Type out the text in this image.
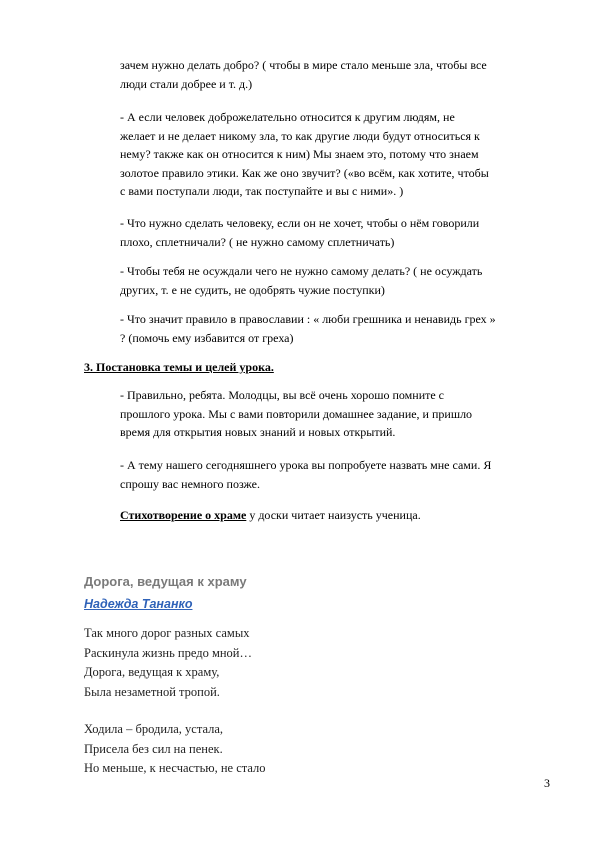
зачем нужно делать добро? ( чтобы в мире стало меньше зла, чтобы все
люди стали добрее и т. д.)
- А если человек доброжелательно относится к другим людям, не
желает и не делает никому зла, то как другие люди будут относиться к
нему? также как он относится к ним) Мы знаем это, потому что знаем
золотое правило этики. Как же оно звучит? («во всём, как хотите, чтобы
с вами поступали люди, так поступайте и вы с ними». )
- Что нужно сделать человеку, если он не хочет, чтобы о нём говорили
плохо, сплетничали? ( не нужно самому сплетничать)
- Чтобы тебя не осуждали чего не нужно самому делать? ( не осуждать
других, т. е не судить, не одобрять чужие поступки)
- Что значит правило в православии : « люби грешника и ненавидь грех »
? (помочь ему избавится от греха)
3. Постановка темы и целей урока.
- Правильно, ребята. Молодцы, вы всё очень хорошо помните с
прошлого урока. Мы с вами повторили домашнее задание, и пришло
время для открытия новых знаний и новых открытий.
- А тему нашего сегодняшнего урока вы попробуете назвать мне сами. Я
спрошу вас немного позже.
Стихотворение о храме у доски читает наизусть ученица.
Дорога, ведущая к храму
Надежда Тананко
Так много дорог разных самых
Раскинула жизнь предо мной…
Дорога, ведущая к храму,
Была незаметной тропой.
Ходила – бродила, устала,
Присела без сил на пенек.
Но меньше, к несчастью, не стало
3
